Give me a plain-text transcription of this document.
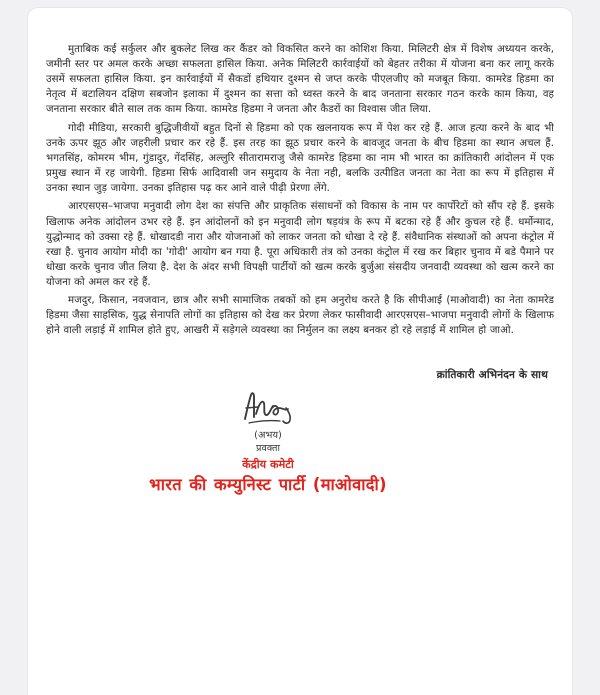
मुताबिक कई सर्कुलर और बुकलेट लिख कर कैंडर को विकसित करने का कोशिश किया. मिलिटरी क्षेत्र में विशेष अध्ययन करके, जमीनी स्तर पर अमल करके अच्छा सफलता हासिल किया. अनेक मिलिटरी कार्रवाईयों को बेहतर तरीका में योजना बना कर लागू करके उसमें सफलता हासिल किया. इन कार्रवाईयों में सैकडों हथियार दुश्मन से जप्त करके पीएलजीए को मजबूत किया. कामरेड हिडमा का नेतृत्व में बटालियन दक्षिण सबजोन इलाका में दुश्मन का सत्ता को ध्वस्त करने के बाद जनताना सरकार गठन करके काम किया, वह जनताना सरकार बीते साल तक काम किया. कामरेड हिडमा ने जनता और कैडरों का विश्वास जीत लिया.

गोदी मीडिया, सरकारी बुद्धिजीवीयों बहुत दिनों से हिडमा को एक खलनायक रूप में पेश कर रहे हैं. आज हत्या करने के बाद भी उनके ऊपर झूठ और जहरीली प्रचार कर रहे हैं. इस तरह का झूठ प्रचार करने के बावजूद जनता के बीच हिडमा का स्थान अचल हैं. भगतसिंह, कोमरम भीम, गुंडादुर, गेंदसिंह, अल्लुरि सीतारामराजु जैसे कामरेड हिडमा का नाम भी भारत का क्रांतिकारी आंदोलन में एक प्रमुख स्थान में रह जायेगी. हिडमा सिर्फ आदिवासी जन समुदाय के नेता नही, बलकि उत्पीडित जनता का नेता का रूप में इतिहास में उनका स्थान जुड़ जायेगा. उनका इतिहास पढ़ कर आने वाले पीढ़ी प्रेरणा लेंगे.

आरएसएस–भाजपा मनुवादी लोग देश का संपत्ति और प्राकृतिक संसाधनों को विकास के नाम पर कार्पोरेटों को सौंप रहे हैं. इसके खिलाफ अनेक आंदोलन उभर रहे हैं. इन आंदोलनों को इन मनुवादी लोग षड़यंत्र के रूप में बटका रहे हैं और कुचल रहे हैं. धर्मोन्माद, युद्धोन्माद को उक्सा रहे हैं. धोखादडी नारा और योजनाओं को लाकर जनता को धोखा दे रहे हैं. संवैधानिक संस्थाओं को अपना कंट्रोल में रखा है. चुनाव आयोग मोदी का 'गोदी' आयोग बन गया है. पूरा अधिकारी तंत्र को उनका कंट्रोल में रख कर बिहार चुनाव में बडे पैमाने पर धोखा करके चुनाव जीत लिया है. देश के अंदर सभी विपक्षी पार्टीयों को खत्म करके बुर्जुआ संसदीय जनवादी व्यवस्था को खत्म करने का योजना को अमल कर रहे हैं.

मजदुर, किसान, नवजवान, छात्र और सभी सामाजिक तबकों को हम अनुरोध करते है कि सीपीआई (माओवादी) का नेता कामरेड हिडमा जैसा साहसिक, युद्ध सेनापति लोगों का इतिहास को देख कर प्रेरणा लेकर फासीवादी आरएसएस–भाजपा मनुवादी लोगों के खिलाफ होने वाली लड़ाई में शामिल होते हुए, आखरी में सड़ेगले व्यवस्था का निर्मुलन का लक्ष्य बनकर हो रहे लड़ाई में शामिल हो जाओ.

क्रांतिकारी अभिनंदन के साथ
(अभय)
प्रवक्ता
केंद्रीय कमेटी
भारत की कम्युनिस्ट पार्टी (माओवादी)
